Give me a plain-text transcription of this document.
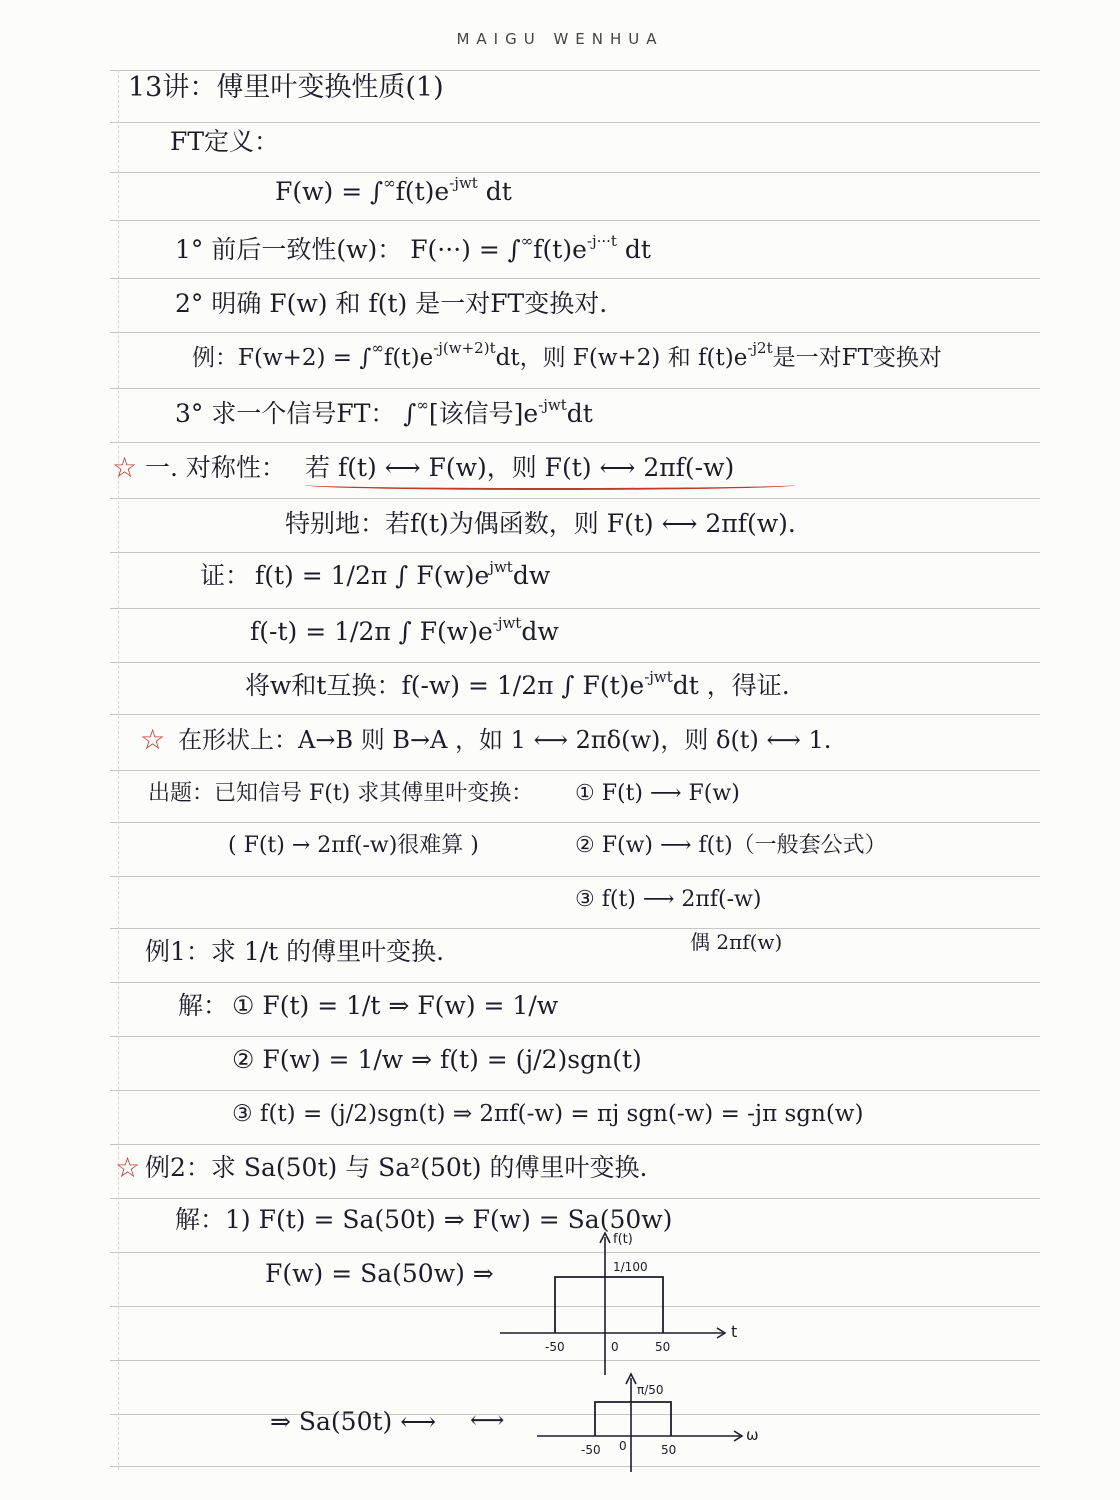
MAIGU WENHUA
13讲：傅里叶变换性质(1)
FT定义：
$F(w) = \int^\infty f(t)e^{-jwt}$ dt
1° 前后一致性(w)： $F(\cdot\cdot\cdot) = \int^\infty f(t)e^{-j\cdot\cdot\cdot t}$ dt
2° 明确 F(w) 和 f(t) 是一对FT变换对.
例：$F(w+2) = \int^\infty f(t)e^{-j(w+2)t}dt$，则 F(w+2) 和 $f(t)e^{-j2t}$是一对FT变换对
3° 求一个信号FT： ∫∞[该信号]$e^{-jwt}dt$
☆ 一. 对称性： 若 f(t) ⟷ F(w)，则 F(t) ⟷ 2πf(-w)
特别地：若f(t)为偶函数，则 F(t) ⟷ 2πf(w).
证： f(t) = 1/2π ∫ $F(w)e^{jwt}dw$
f(-t) = 1/2π ∫ $F(w)e^{-jwt}dw$
将w和t互换：f(-w) = 1/2π ∫ $F(t)e^{-jwt}dt$ ，得证.
☆ 在形状上：A→B 则 B→A ，如 1 ⟷ 2πδ(w)，则 δ(t) ⟷ 1.
出题：已知信号 F(t) 求其傅里叶变换： ① F(t) ⟶ F(w)
( F(t) → 2πf(-w)很难算 )	② F(w) ⟶ f(t)（一般套公式）
③ f(t) ⟶ 2πf(-w)
偶 2πf(w)
例1：求 1/t 的傅里叶变换.
解： ① F(t) = 1/t ⇒ F(w) = 1/w
② F(w) = 1/w ⇒ f(t) = (j/2)sgn(t)
③ f(t) = (j/2)sgn(t) ⇒ 2πf(-w) = πj sgn(-w) = -jπ sgn(w)
☆ 例2：求 Sa(50t) 与 Sa²(50t) 的傅里叶变换.
解：1) F(t) = Sa(50t) ⇒ F(w) = Sa(50w)
F(w) = Sa(50w) ⇒
⇒ Sa(50t) ⟷
f(t)
1/100
t
-50	0	50
π/50
ω
-50 0	50
⟷
